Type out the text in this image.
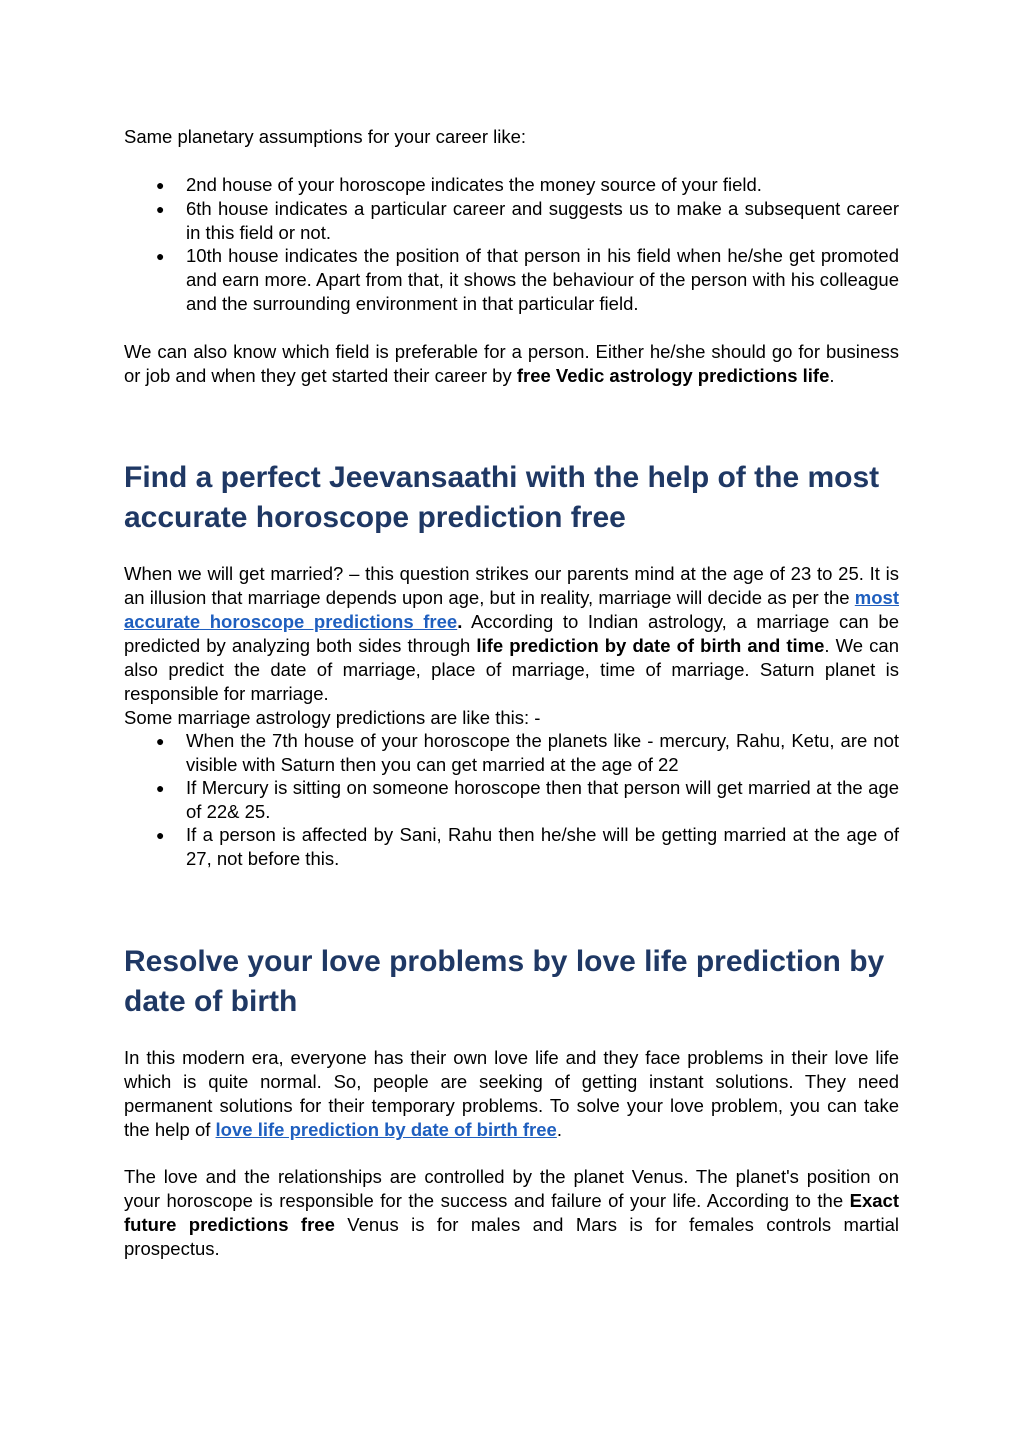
Same planetary assumptions for your career like:
● 2nd house of your horoscope indicates the money source of your field.
● 6th house indicates a particular career and suggests us to make a subsequent career in this field or not.
● 10th house indicates the position of that person in his field when he/she get promoted and earn more. Apart from that, it shows the behaviour of the person with his colleague and the surrounding environment in that particular field.
We can also know which field is preferable for a person. Either he/she should go for business or job and when they get started their career by free Vedic astrology predictions life.
Find a perfect Jeevansaathi with the help of the most accurate horoscope prediction free
When we will get married? – this question strikes our parents mind at the age of 23 to 25. It is an illusion that marriage depends upon age, but in reality, marriage will decide as per the most accurate horoscope predictions free. According to Indian astrology, a marriage can be predicted by analyzing both sides through life prediction by date of birth and time. We can also predict the date of marriage, place of marriage, time of marriage. Saturn planet is responsible for marriage.
Some marriage astrology predictions are like this: -
● When the 7th house of your horoscope the planets like - mercury, Rahu, Ketu, are not visible with Saturn then you can get married at the age of 22
● If Mercury is sitting on someone horoscope then that person will get married at the age of 22& 25.
● If a person is affected by Sani, Rahu then he/she will be getting married at the age of 27, not before this.
Resolve your love problems by love life prediction by date of birth
In this modern era, everyone has their own love life and they face problems in their love life which is quite normal. So, people are seeking of getting instant solutions. They need permanent solutions for their temporary problems. To solve your love problem, you can take the help of love life prediction by date of birth free.
The love and the relationships are controlled by the planet Venus. The planet's position on your horoscope is responsible for the success and failure of your life. According to the Exact future predictions free Venus is for males and Mars is for females controls martial prospectus.
